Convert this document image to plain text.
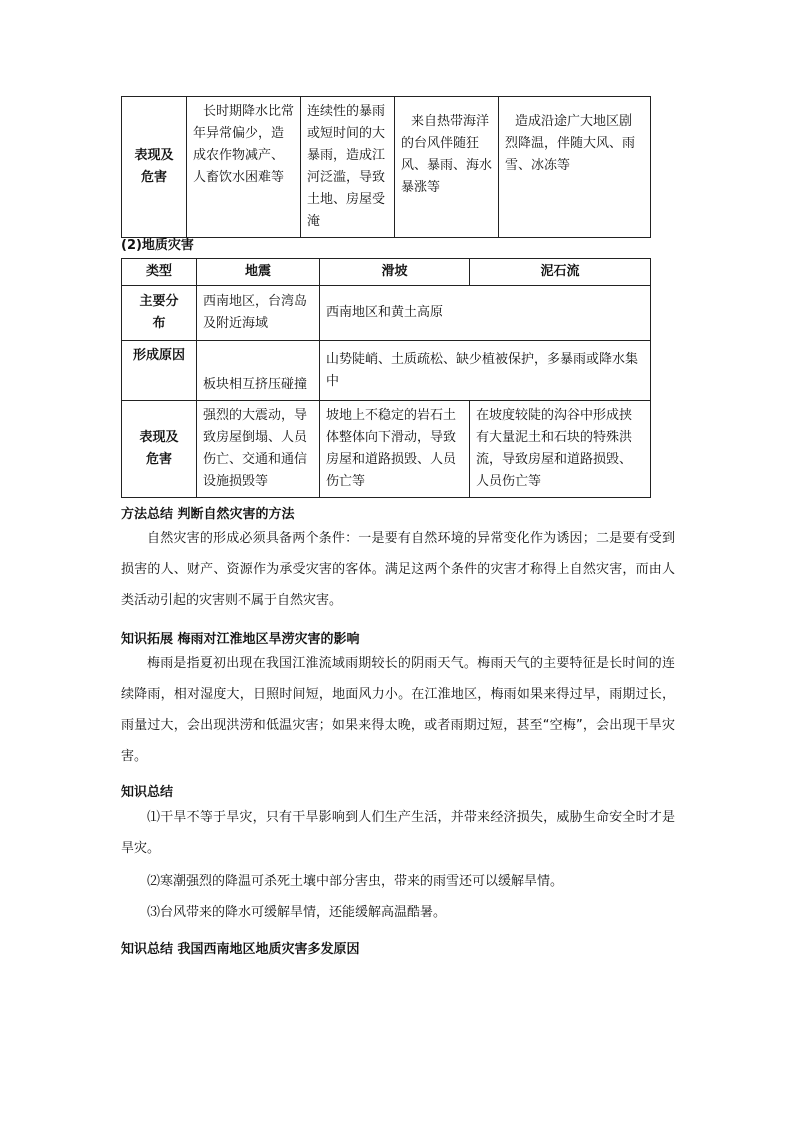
表现及危害	长时期降水比常年异常偏少，造成农作物减产、人畜饮水困难等	连续性的暴雨或短时间的大暴雨，造成江河泛滥，导致土地、房屋受淹	来自热带海洋的台风伴随狂风、暴雨、海水暴涨等	造成沿途广大地区剧烈降温，伴随大风、雨雪、冰冻等
(2)地质灾害
类型	地震	滑坡	泥石流
主要分布	西南地区，台湾岛及附近海域	西南地区和黄土高原	
形成原因	板块相互挤压碰撞	山势陡峭、土质疏松、缺少植被保护，多暴雨或降水集中	
表现及危害	强烈的大震动，导致房屋倒塌、人员伤亡、交通和通信设施损毁等	坡地上不稳定的岩石土体整体向下滑动，导致房屋和道路损毁、人员伤亡等	在坡度较陡的沟谷中形成挟有大量泥土和石块的特殊洪流，导致房屋和道路损毁、人员伤亡等
方法总结 判断自然灾害的方法

自然灾害的形成必须具备两个条件：一是要有自然环境的异常变化作为诱因；二是要有受到损害的人、财产、资源作为承受灾害的客体。满足这两个条件的灾害才称得上自然灾害，而由人类活动引起的灾害则不属于自然灾害。

知识拓展 梅雨对江淮地区旱涝灾害的影响

梅雨是指夏初出现在我国江淮流域雨期较长的阴雨天气。梅雨天气的主要特征是长时间的连续降雨，相对湿度大，日照时间短，地面风力小。在江淮地区，梅雨如果来得过早，雨期过长，雨量过大，会出现洪涝和低温灾害；如果来得太晚，或者雨期过短，甚至“空梅”，会出现干旱灾害。

知识总结

⑴干旱不等于旱灾，只有干旱影响到人们生产生活，并带来经济损失，威胁生命安全时才是旱灾。

⑵寒潮强烈的降温可杀死土壤中部分害虫，带来的雨雪还可以缓解旱情。

⑶台风带来的降水可缓解旱情，还能缓解高温酷暑。

知识总结 我国西南地区地质灾害多发原因
